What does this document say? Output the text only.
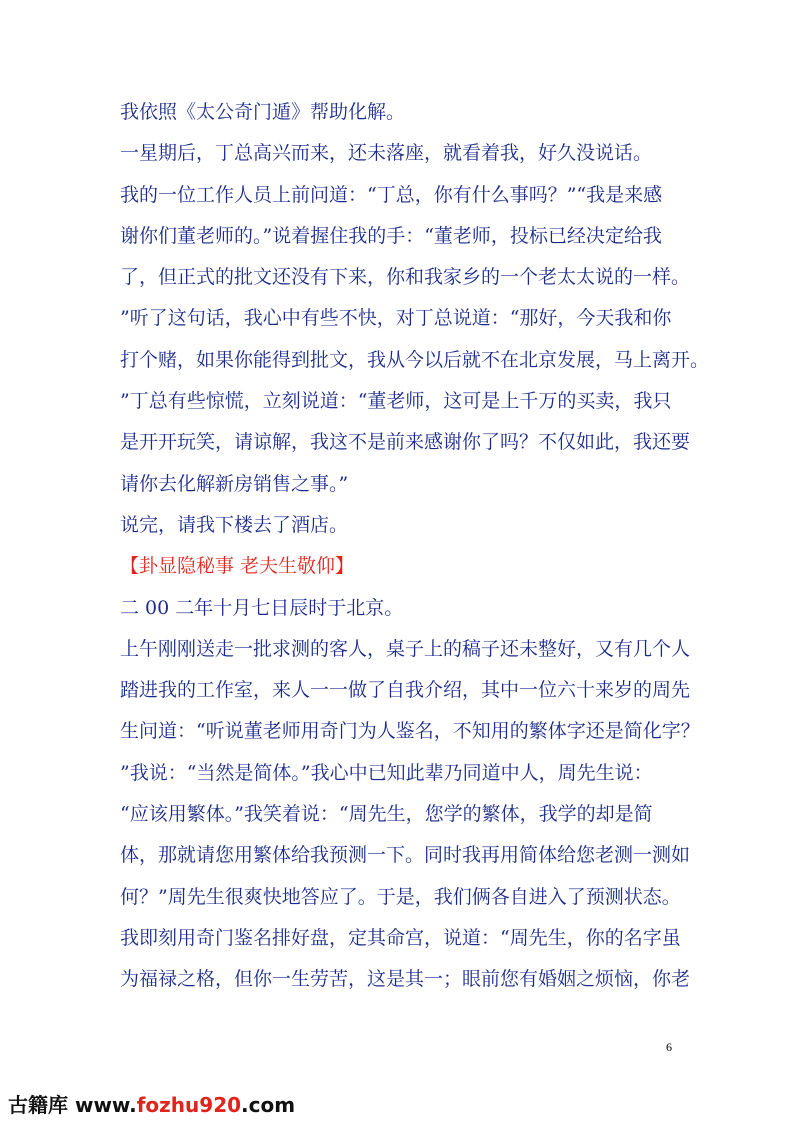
我依照《太公奇门遁》帮助化解。
一星期后，丁总高兴而来，还未落座，就看着我，好久没说话。
我的一位工作人员上前问道：“丁总，你有什么事吗？”“我是来感
谢你们董老师的。”说着握住我的手：“董老师，投标已经决定给我
了，但正式的批文还没有下来，你和我家乡的一个老太太说的一样。
”听了这句话，我心中有些不快，对丁总说道：“那好，今天我和你
打个赌，如果你能得到批文，我从今以后就不在北京发展，马上离开。
”丁总有些惊慌，立刻说道：“董老师，这可是上千万的买卖，我只
是开开玩笑，请谅解，我这不是前来感谢你了吗？不仅如此，我还要
请你去化解新房销售之事。”
说完，请我下楼去了酒店。
【卦显隐秘事 老夫生敬仰】
二 00 二年十月七日辰时于北京。
上午刚刚送走一批求测的客人，桌子上的稿子还未整好，又有几个人
踏进我的工作室，来人一一做了自我介绍，其中一位六十来岁的周先
生问道：“听说董老师用奇门为人鉴名，不知用的繁体字还是简化字？
”我说：“当然是简体。”我心中已知此辈乃同道中人，周先生说：
“应该用繁体。”我笑着说：“周先生，您学的繁体，我学的却是简
体，那就请您用繁体给我预测一下。同时我再用简体给您老测一测如
何？”周先生很爽快地答应了。于是，我们俩各自进入了预测状态。
我即刻用奇门鉴名排好盘，定其命宫，说道：“周先生，你的名字虽
为福禄之格，但你一生劳苦，这是其一；眼前您有婚姻之烦恼，你老
6
古籍库 www.fozhu920.com
